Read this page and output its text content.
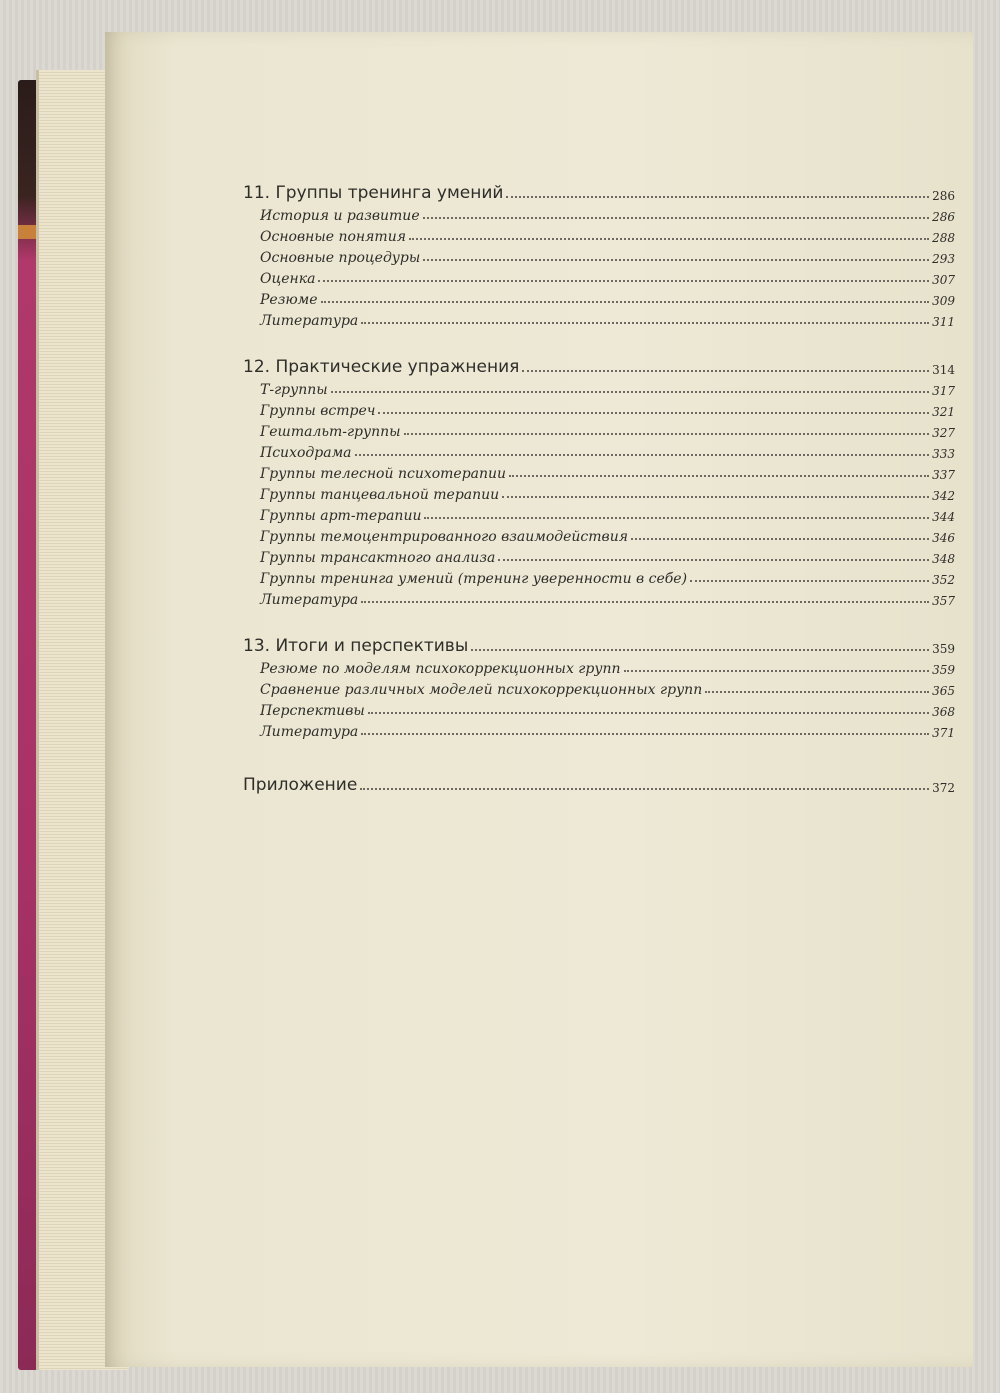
11. Группы тренинга умений	286
История и развитие	286
Основные понятия	288
Основные процедуры	293
Оценка	307
Резюме	309
Литература	311
12. Практические упражнения	314
Т-группы	317
Группы встреч	321
Гештальт-группы	327
Психодрама	333
Группы телесной психотерапии	337
Группы танцевальной терапии	342
Группы арт-терапии	344
Группы темоцентрированного взаимодействия	346
Группы трансактного анализа	348
Группы тренинга умений (тренинг уверенности в себе)	352
Литература	357
13. Итоги и перспективы	359
Резюме по моделям психокоррекционных групп	359
Сравнение различных моделей психокоррекционных групп	365
Перспективы	368
Литература	371
Приложение	372
